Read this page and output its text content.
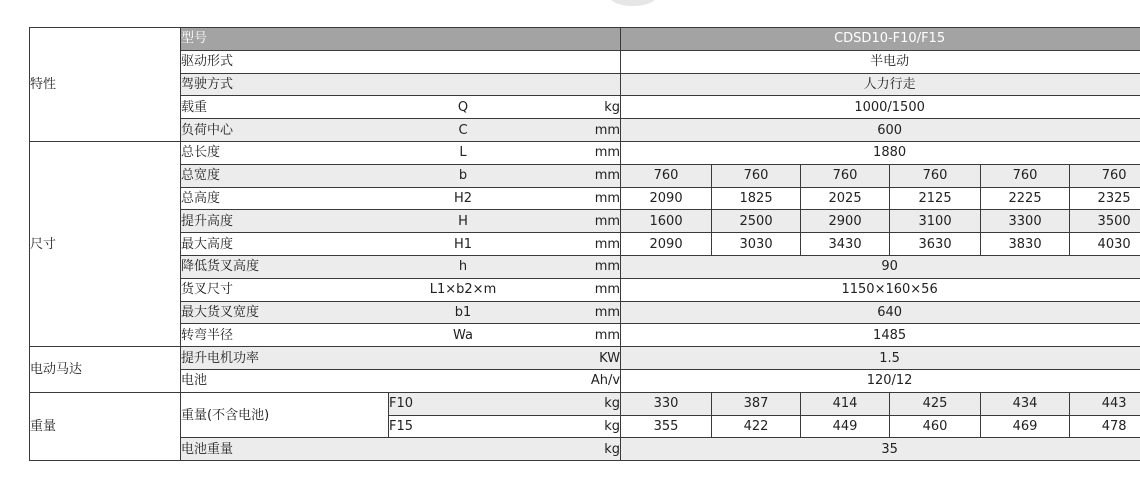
特性	型号				CDSD10-F10/F15					
	驱动形式				半电动					
	驾驶方式				人力行走					
	载重	Q		kg	1000/1500					
	负荷中心	C		mm	600					
尺寸	总长度	L		mm	1880					
	总宽度	b		mm	760	760	760	760	760	760
	总高度	H2		mm	2090	1825	2025	2125	2225	2325
	提升高度	H		mm	1600	2500	2900	3100	3300	3500
	最大高度	H1		mm	2090	3030	3430	3630	3830	4030
	降低货叉高度	h		mm	90					
	货叉尺寸	L1×b2×m		mm	1150×160×56					
	最大货叉宽度	b1		mm	640					
	转弯半径	Wa		mm	1485					
电动马达	提升电机功率			KW	1.5					
	电池			Ah/v	120/12					
重量	重量(不含电池)		F10	kg	330	387	414	425	434	443
			F15	kg	355	422	449	460	469	478
	电池重量			kg	35					
